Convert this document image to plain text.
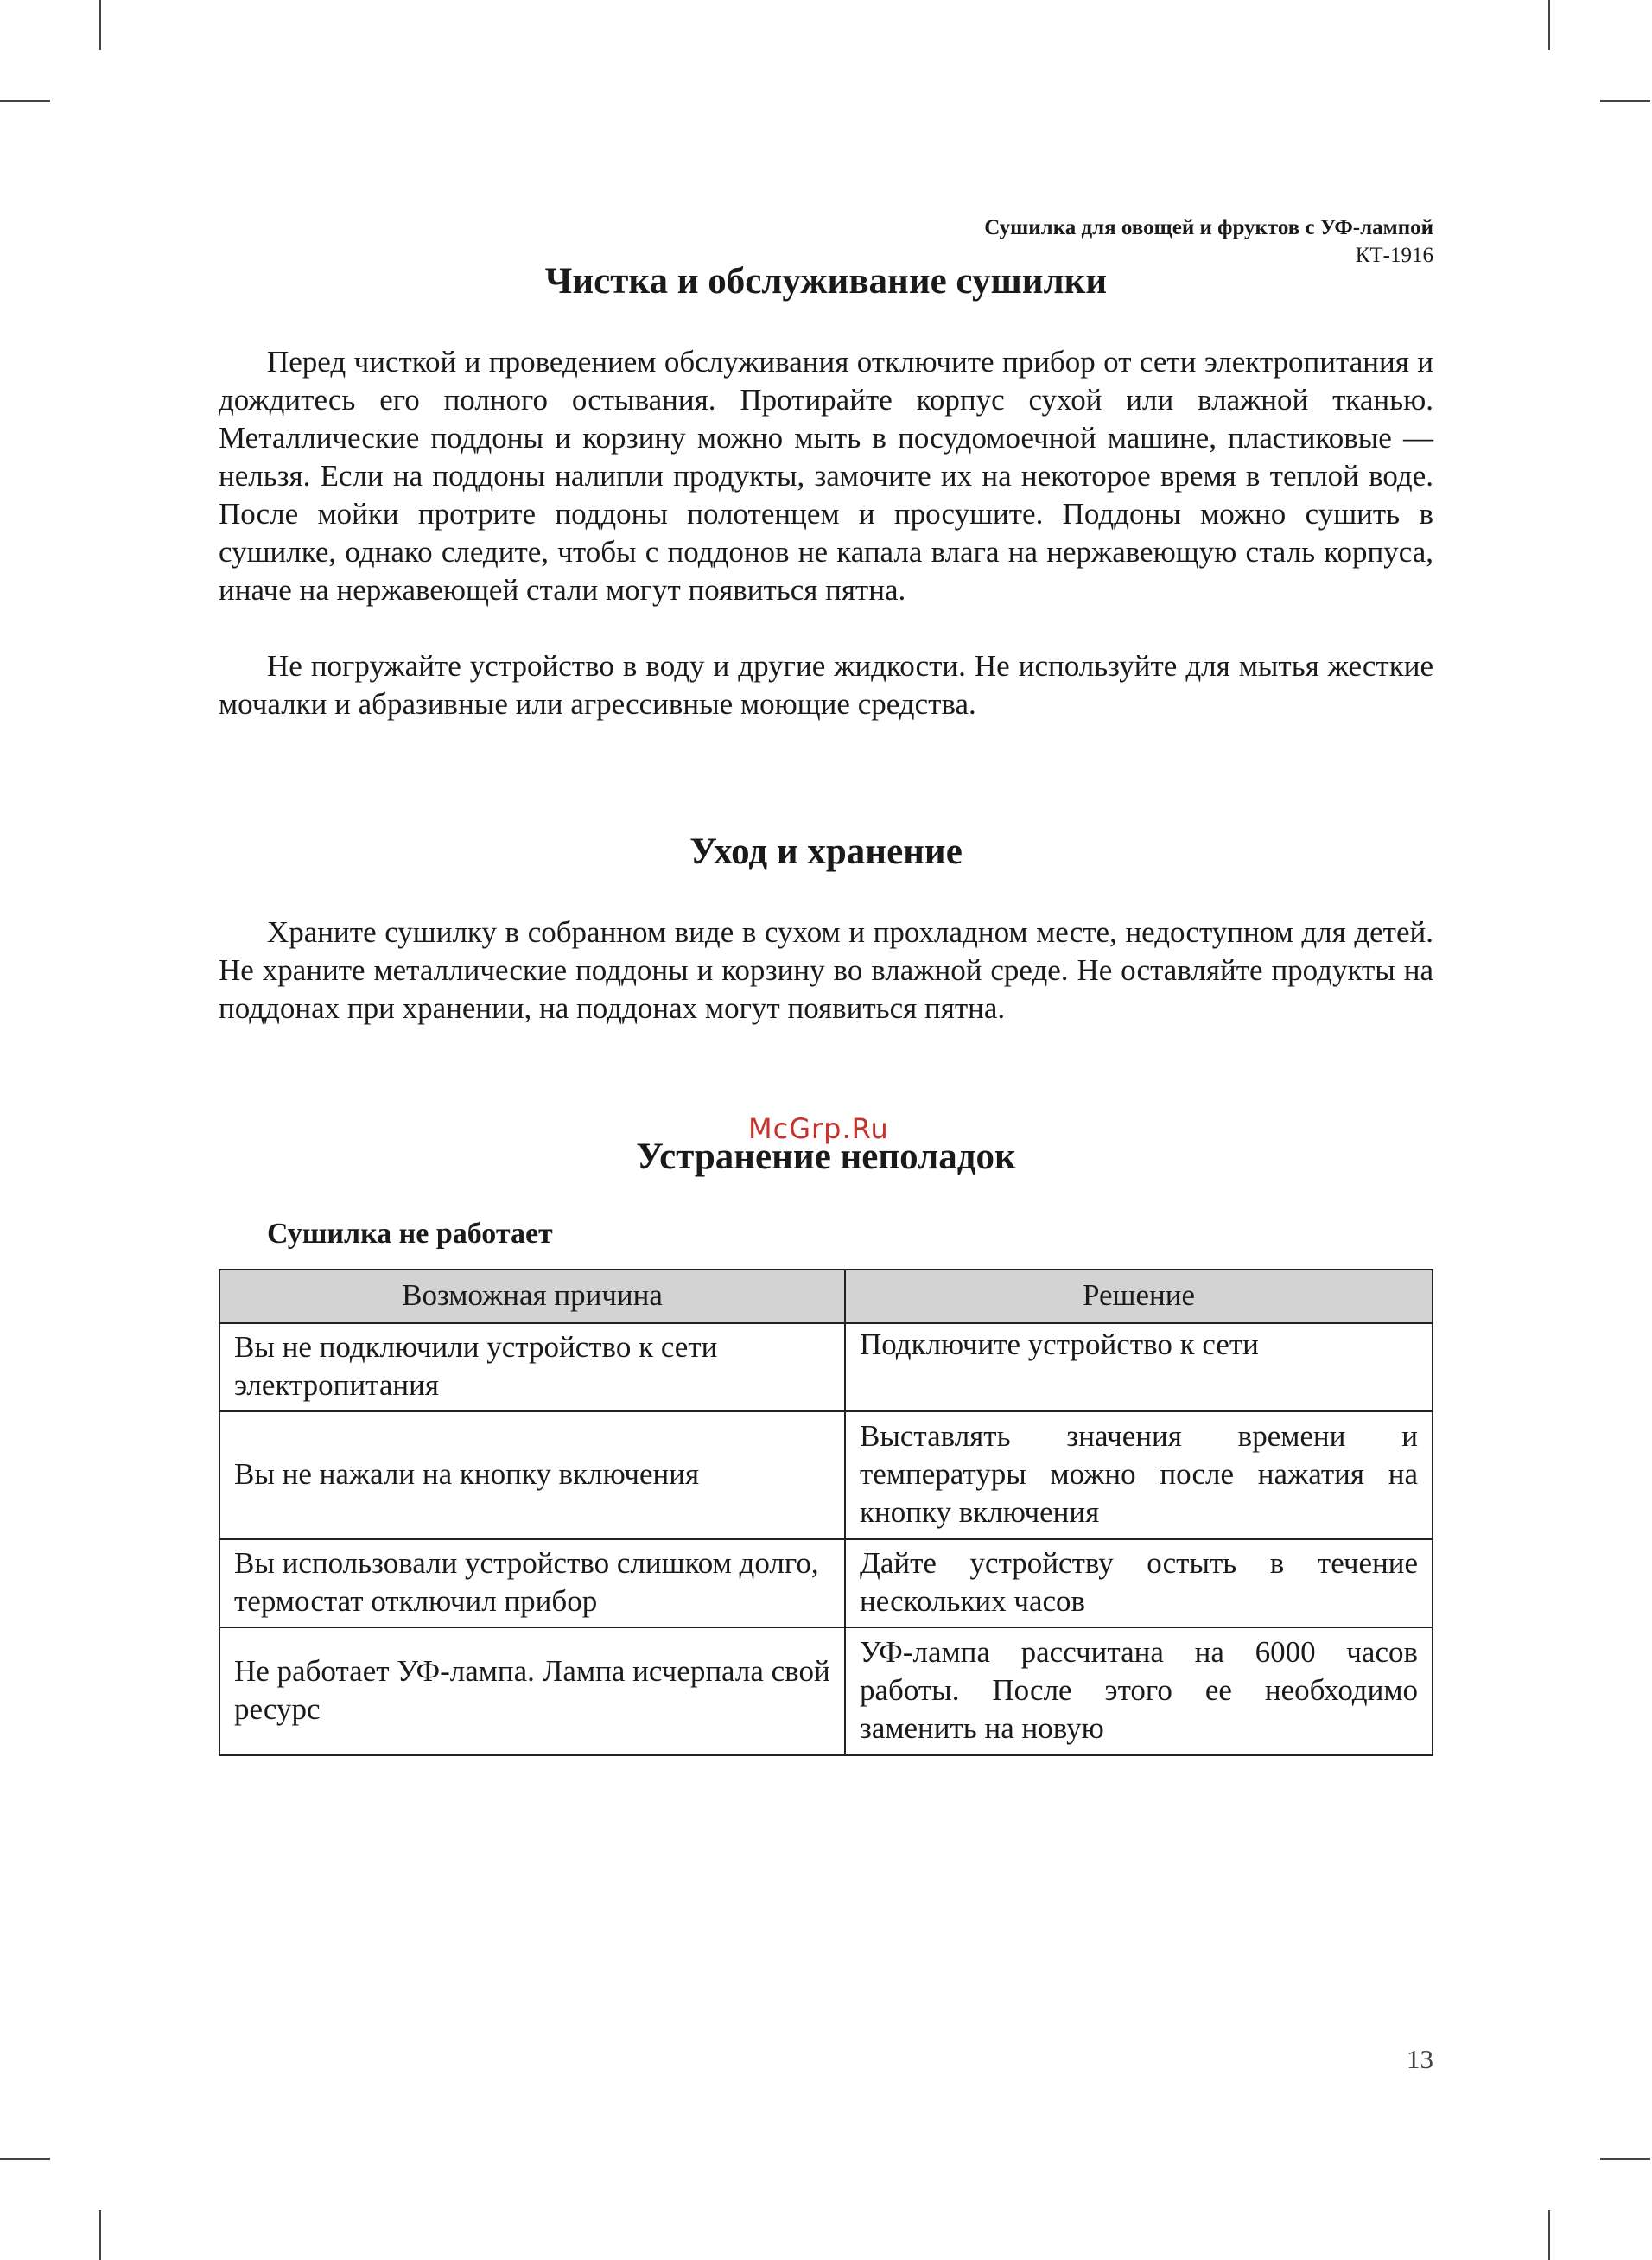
Сушилка для овощей и фруктов с УФ-лампой
КТ-1916
Чистка и обслуживание сушилки

Перед чисткой и проведением обслуживания отключите прибор от сети электропитания и дождитесь его полного остывания. Протирайте корпус сухой или влажной тканью. Металлические поддоны и корзину можно мыть в посудомоечной машине, пластиковые — нельзя. Если на поддоны налипли продукты, замочите их на некоторое время в теплой воде. После мойки протрите поддоны полотенцем и просушите. Поддоны можно сушить в сушилке, однако следите, чтобы с поддонов не капала влага на нержавеющую сталь корпуса, иначе на нержавеющей стали могут появиться пятна.

Не погружайте устройство в воду и другие жидкости. Не используйте для мытья жесткие мочалки и абразивные или агрессивные моющие средства.

Уход и хранение

Храните сушилку в собранном виде в сухом и прохладном месте, недоступном для детей. Не храните металлические поддоны и корзину во влажной среде. Не оставляйте продукты на поддонах при хранении, на поддонах могут появиться пятна.

McGrp.Ru
Устранение неполадок
Сушилка не работает
Возможная причина	Решение
Вы не подключили устройство к сети электропитания	Подключите устройство к сети
Вы не нажали на кнопку включения	Выставлять значения времени и температуры можно после нажатия на кнопку включения
Вы использовали устройство слишком долго, термостат отключил прибор	Дайте устройству остыть в течение нескольких часов
Не работает УФ-лампа. Лампа исчерпала свой ресурс	УФ-лампа рассчитана на 6000 часов работы. После этого ее необходимо заменить на новую
13
